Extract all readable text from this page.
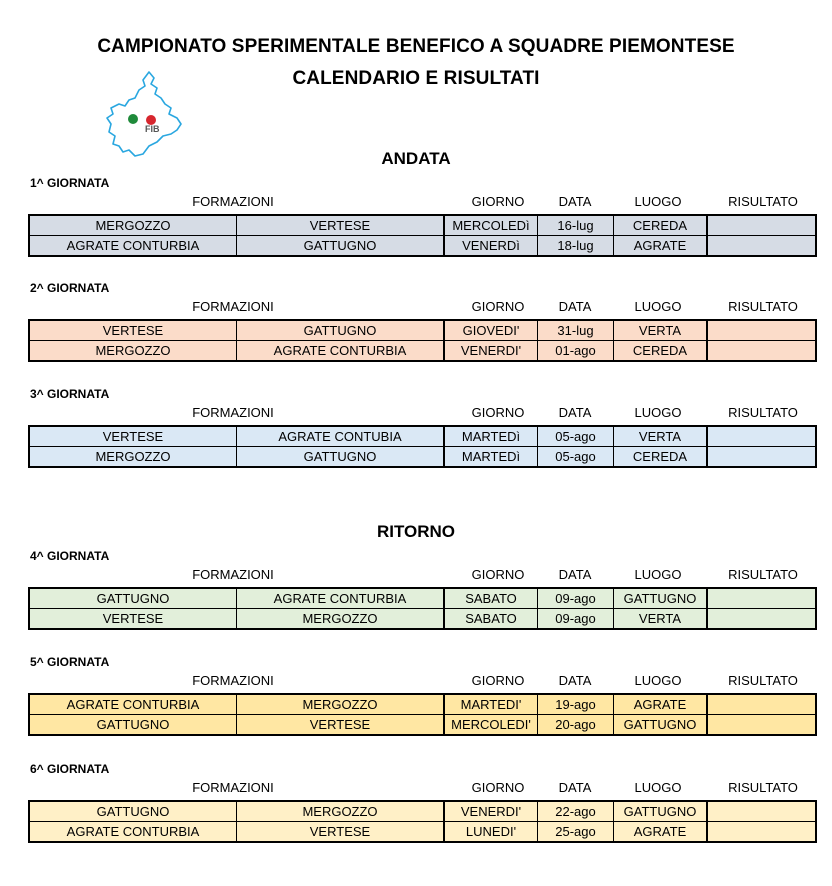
CAMPIONATO SPERIMENTALE BENEFICO A SQUADRE PIEMONTESE
CALENDARIO E RISULTATI
FIB
ANDATA
RITORNO
1^ GIORNATA
FORMAZIONI	GIORNO	DATA	LUOGO	RISULTATO
MERGOZZO	VERTESE	MERCOLEDì	16-lug	CEREDA	
AGRATE CONTURBIA	GATTUGNO	VENERDì	18-lug	AGRATE	
2^ GIORNATA
FORMAZIONI	GIORNO	DATA	LUOGO	RISULTATO
VERTESE	GATTUGNO	GIOVEDI'	31-lug	VERTA	
MERGOZZO	AGRATE CONTURBIA	VENERDI'	01-ago	CEREDA	
3^ GIORNATA
FORMAZIONI	GIORNO	DATA	LUOGO	RISULTATO
VERTESE	AGRATE CONTUBIA	MARTEDì	05-ago	VERTA	
MERGOZZO	GATTUGNO	MARTEDì	05-ago	CEREDA	
4^ GIORNATA
FORMAZIONI	GIORNO	DATA	LUOGO	RISULTATO
GATTUGNO	AGRATE CONTURBIA	SABATO	09-ago	GATTUGNO	
VERTESE	MERGOZZO	SABATO	09-ago	VERTA	
5^ GIORNATA
FORMAZIONI	GIORNO	DATA	LUOGO	RISULTATO
AGRATE CONTURBIA	MERGOZZO	MARTEDI'	19-ago	AGRATE	
GATTUGNO	VERTESE	MERCOLEDI'	20-ago	GATTUGNO	
6^ GIORNATA
FORMAZIONI	GIORNO	DATA	LUOGO	RISULTATO
GATTUGNO	MERGOZZO	VENERDI'	22-ago	GATTUGNO	
AGRATE CONTURBIA	VERTESE	LUNEDI'	25-ago	AGRATE	
